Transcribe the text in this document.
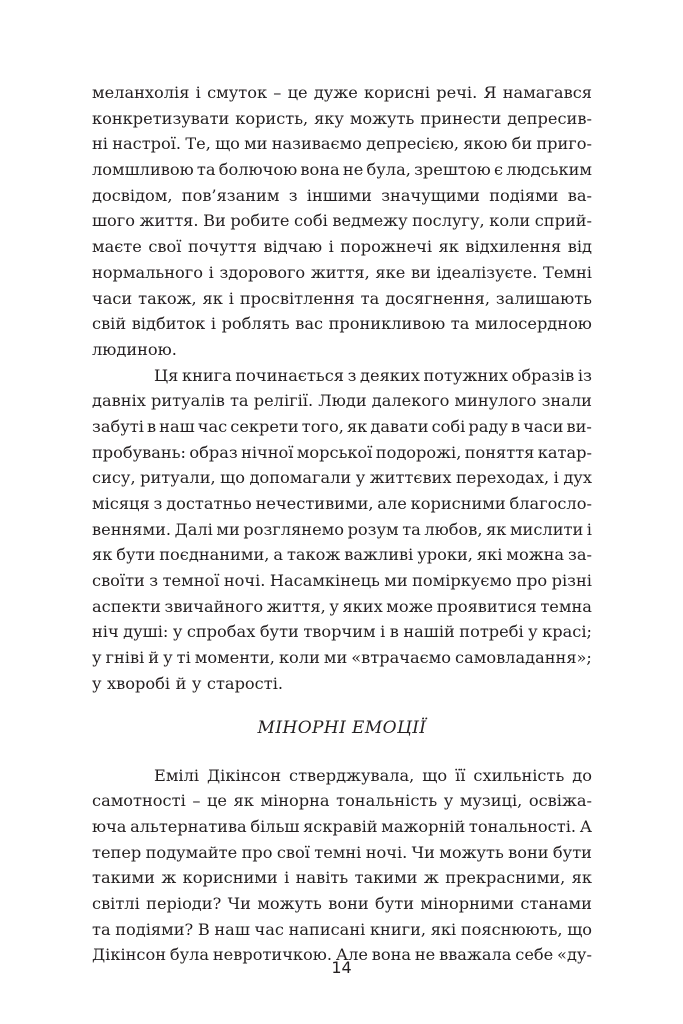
меланхолія і смуток – це дуже корисні речі. Я намагався
конкретизувати користь, яку можуть принести депресив-
ні настрої. Те, що ми називаємо депресією, якою би приго-
ломшливою та болючою вона не була, зрештою є людським
досвідом, пов’язаним з іншими значущими подіями ва-
шого життя. Ви робите собі ведмежу послугу, коли сприй-
маєте свої почуття відчаю і порожнечі як відхилення від
нормального і здорового життя, яке ви ідеалізуєте. Темні
часи також, як і просвітлення та досягнення, залишають
свій відбиток і роблять вас проникливою та милосердною
людиною.
Ця книга починається з деяких потужних образів із
давніх ритуалів та релігії. Люди далекого минулого знали
забуті в наш час секрети того, як давати собі раду в часи ви-
пробувань: образ нічної морської подорожі, поняття катар-
сису, ритуали, що допомагали у життєвих переходах, і дух
місяця з достатньо нечестивими, але корисними благосло-
веннями. Далі ми розглянемо розум та любов, як мислити і
як бути поєднаними, а також важливі уроки, які можна за-
своїти з темної ночі. Насамкінець ми поміркуємо про різні
аспекти звичайного життя, у яких може проявитися темна
ніч душі: у спробах бути творчим і в нашій потребі у красі;
у гніві й у ті моменти, коли ми «втрачаємо самовладання»;
у хворобі й у старості.
МІНОРНІ ЕМОЦІЇ
Емілі Дікінсон стверджувала, що її схильність до
самотності – це як мінорна тональність у музиці, освіжа-
юча альтернатива більш яскравій мажорній тональності. А
тепер подумайте про свої темні ночі. Чи можуть вони бути
такими ж корисними і навіть такими ж прекрасними, як
світлі періоди? Чи можуть вони бути мінорними станами
та подіями? В наш час написані книги, які пояснюють, що
Дікінсон була невротичкою. Але вона не вважала себе «ду-
14
